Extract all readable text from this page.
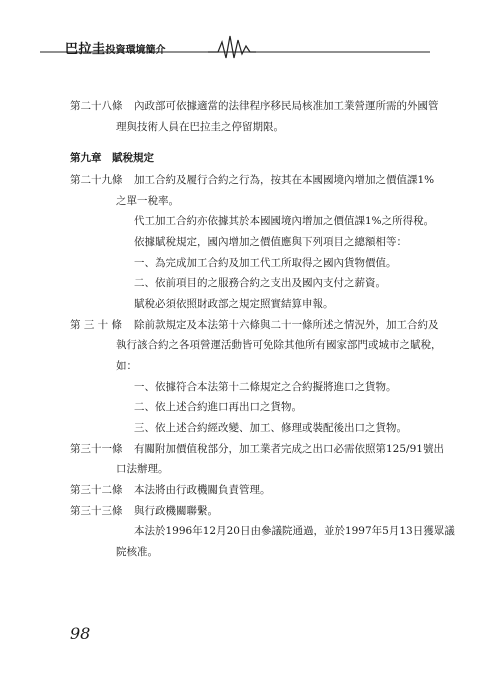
巴拉圭投資環境簡介
第二十八條 內政部可依據適當的法律程序移民局核准加工業營運所需的外國管
理與技術人員在巴拉圭之停留期限。
第九章　賦稅規定
第二十九條 加工合約及履行合約之行為，按其在本國國境內增加之價值課1%
之單一稅率。
代工加工合約亦依據其於本國國境內增加之價值課1%之所得稅。
依據賦稅規定，國內增加之價值應與下列項目之總額相等：
一、為完成加工合約及加工代工所取得之國內貨物價值。
二、依前項目的之服務合約之支出及國內支付之薪資。
賦稅必須依照財政部之規定照實結算申報。
第 三 十 條 除前款規定及本法第十六條與二十一條所述之情況外，加工合約及
執行該合約之各項營運活動皆可免除其他所有國家部門或城市之賦稅，
如：
一、依據符合本法第十二條規定之合約擬將進口之貨物。
二、依上述合約進口再出口之貨物。
三、依上述合約經改變、加工、修理或裝配後出口之貨物。
第三十一條 有關附加價值稅部分，加工業者完成之出口必需依照第125/91號出
口法辦理。
第三十二條 本法將由行政機關負責管理。
第三十三條 與行政機關聯繫。
本法於1996年12月20日由參議院通過，並於1997年5月13日獲眾議
院核准。
98
